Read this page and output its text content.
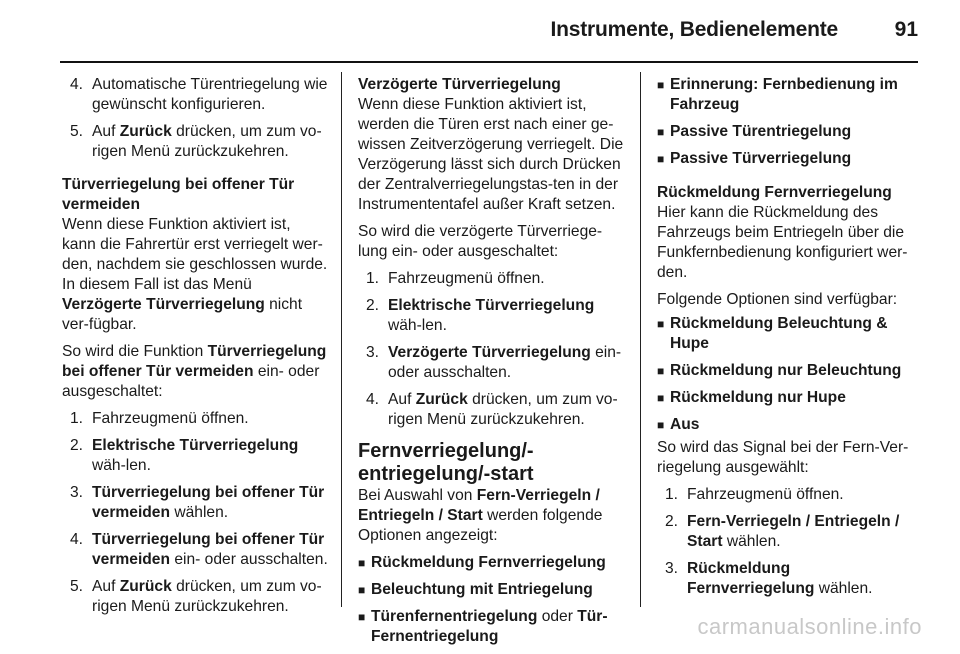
Instrumente, Bedienelemente	91
4. Automatische Türentriegelung wie gewünscht konfigurieren.
5. Auf Zurück drücken, um zum vo-rigen Menü zurückzukehren.
Türverriegelung bei offener Tür vermeiden

Wenn diese Funktion aktiviert ist, kann die Fahrertür erst verriegelt wer-den, nachdem sie geschlossen wurde. In diesem Fall ist das Menü Verzögerte Türverriegelung nicht ver-fügbar.

So wird die Funktion Türverriegelung bei offener Tür vermeiden ein- oder ausgeschaltet:

1. Fahrzeugmenü öffnen.
2. Elektrische Türverriegelung wäh-len.
3. Türverriegelung bei offener Tür vermeiden wählen.
4. Türverriegelung bei offener Tür vermeiden ein- oder ausschalten.
5. Auf Zurück drücken, um zum vo-rigen Menü zurückzukehren.
Verzögerte Türverriegelung

Wenn diese Funktion aktiviert ist, werden die Türen erst nach einer ge-wissen Zeitverzögerung verriegelt. Die Verzögerung lässt sich durch Drücken der Zentralverriegelungstas-ten in der Instrumententafel außer Kraft setzen.

So wird die verzögerte Türverriege-lung ein- oder ausgeschaltet:

1. Fahrzeugmenü öffnen.
2. Elektrische Türverriegelung wäh-len.
3. Verzögerte Türverriegelung ein- oder ausschalten.
4. Auf Zurück drücken, um zum vo-rigen Menü zurückzukehren.
Fernverriegelung/-entriegelung/-start

Bei Auswahl von Fern-Verriegeln / Entriegeln / Start werden folgende Optionen angezeigt:

■ Rückmeldung Fernverriegelung
■ Beleuchtung mit Entriegelung
■ Türenfernentriegelung oder Tür-Fernentriegelung
■ Erinnerung: Fernbedienung im Fahrzeug
■ Passive Türentriegelung
■ Passive Türverriegelung
Rückmeldung Fernverriegelung

Hier kann die Rückmeldung des Fahrzeugs beim Entriegeln über die Funkfernbedienung konfiguriert wer-den.

Folgende Optionen sind verfügbar:

■ Rückmeldung Beleuchtung & Hupe
■ Rückmeldung nur Beleuchtung
■ Rückmeldung nur Hupe
■ Aus

So wird das Signal bei der Fern-Ver-riegelung ausgewählt:

1. Fahrzeugmenü öffnen.
2. Fern-Verriegeln / Entriegeln / Start wählen.
3. Rückmeldung Fernverriegelung wählen.
carmanualsonline.info
